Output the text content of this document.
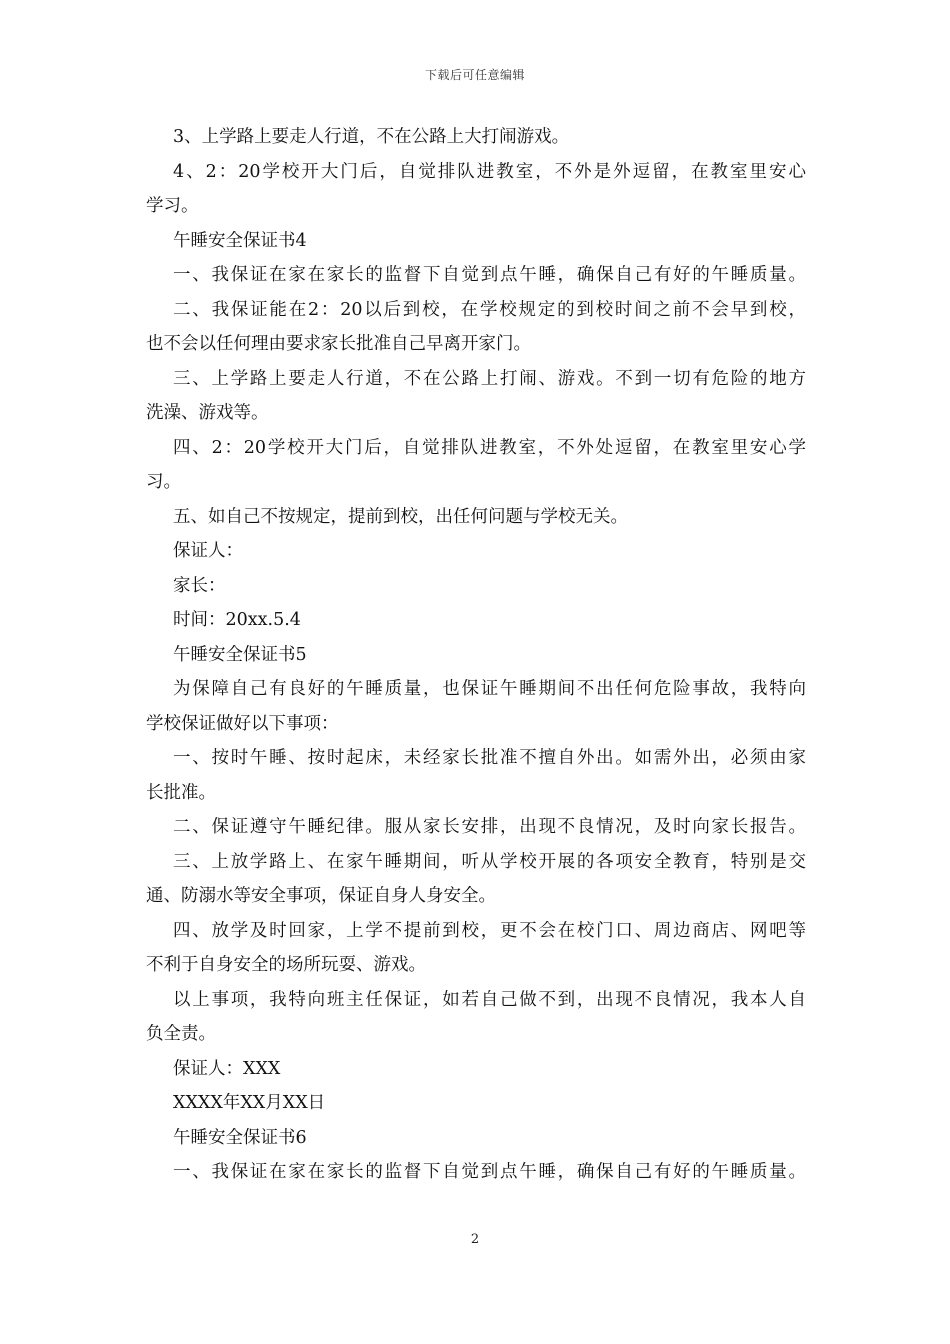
下载后可任意编辑
3、上学路上要走人行道，不在公路上大打闹游戏。
4、2：20学校开大门后，自觉排队进教室，不外是外逗留，在教室里安心
学习。
午睡安全保证书4
一、我保证在家在家长的监督下自觉到点午睡，确保自己有好的午睡质量。
二、我保证能在2：20以后到校，在学校规定的到校时间之前不会早到校，
也不会以任何理由要求家长批准自己早离开家门。
三、上学路上要走人行道，不在公路上打闹、游戏。不到一切有危险的地方
洗澡、游戏等。
四、2：20学校开大门后，自觉排队进教室，不外处逗留，在教室里安心学
习。
五、如自己不按规定，提前到校，出任何问题与学校无关。
保证人：
家长：
时间：20xx.5.4
午睡安全保证书5
为保障自己有良好的午睡质量，也保证午睡期间不出任何危险事故，我特向
学校保证做好以下事项：
一、按时午睡、按时起床，未经家长批准不擅自外出。如需外出，必须由家
长批准。
二、保证遵守午睡纪律。服从家长安排，出现不良情况，及时向家长报告。
三、上放学路上、在家午睡期间，听从学校开展的各项安全教育，特别是交
通、防溺水等安全事项，保证自身人身安全。
四、放学及时回家，上学不提前到校，更不会在校门口、周边商店、网吧等
不利于自身安全的场所玩耍、游戏。
以上事项，我特向班主任保证，如若自己做不到，出现不良情况，我本人自
负全责。
保证人：XXX
XXXX年XX月XX日
午睡安全保证书6
一、我保证在家在家长的监督下自觉到点午睡，确保自己有好的午睡质量。
2
